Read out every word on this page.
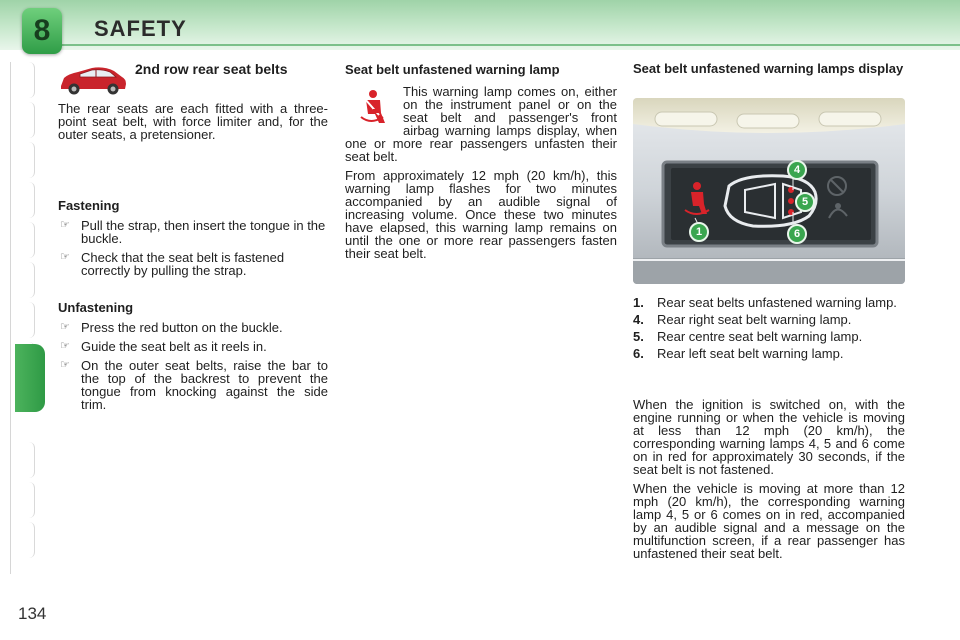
8	SAFETY
134
2nd row rear seat belts

The rear seats are each fitted with a three-point seat belt, with force limiter and, for the outer seats, a pretensioner.

Fastening
☞ Pull the strap, then insert the tongue in the buckle.
☞ Check that the seat belt is fastened correctly by pulling the strap.
Unfastening
☞ Press the red button on the buckle.
☞ Guide the seat belt as it reels in.
☞ On the outer seat belts, raise the bar to the top of the backrest to prevent the tongue from knocking against the side trim.
Seat belt unfastened warning lamp

This warning lamp comes on, either on the instrument panel or on the seat belt and passenger's front airbag warning lamps display, when one or more rear passengers unfasten their seat belt.

From approximately 12 mph (20 km/h), this warning lamp flashes for two minutes accompanied by an audible signal of increasing volume. Once these two minutes have elapsed, this warning lamp remains on until the one or more rear passengers fasten their seat belt.

Seat belt unfastened warning lamps display
4
5
6
1
1. Rear seat belts unfastened warning lamp.
4. Rear right seat belt warning lamp.
5. Rear centre seat belt warning lamp.
6. Rear left seat belt warning lamp.

When the ignition is switched on, with the engine running or when the vehicle is moving at less than 12 mph (20 km/h), the corresponding warning lamps 4, 5 and 6 come on in red for approximately 30 seconds, if the seat belt is not fastened.

When the vehicle is moving at more than 12 mph (20 km/h), the corresponding warning lamp 4, 5 or 6 comes on in red, accompanied by an audible signal and a message on the multifunction screen, if a rear passenger has unfastened their seat belt.
